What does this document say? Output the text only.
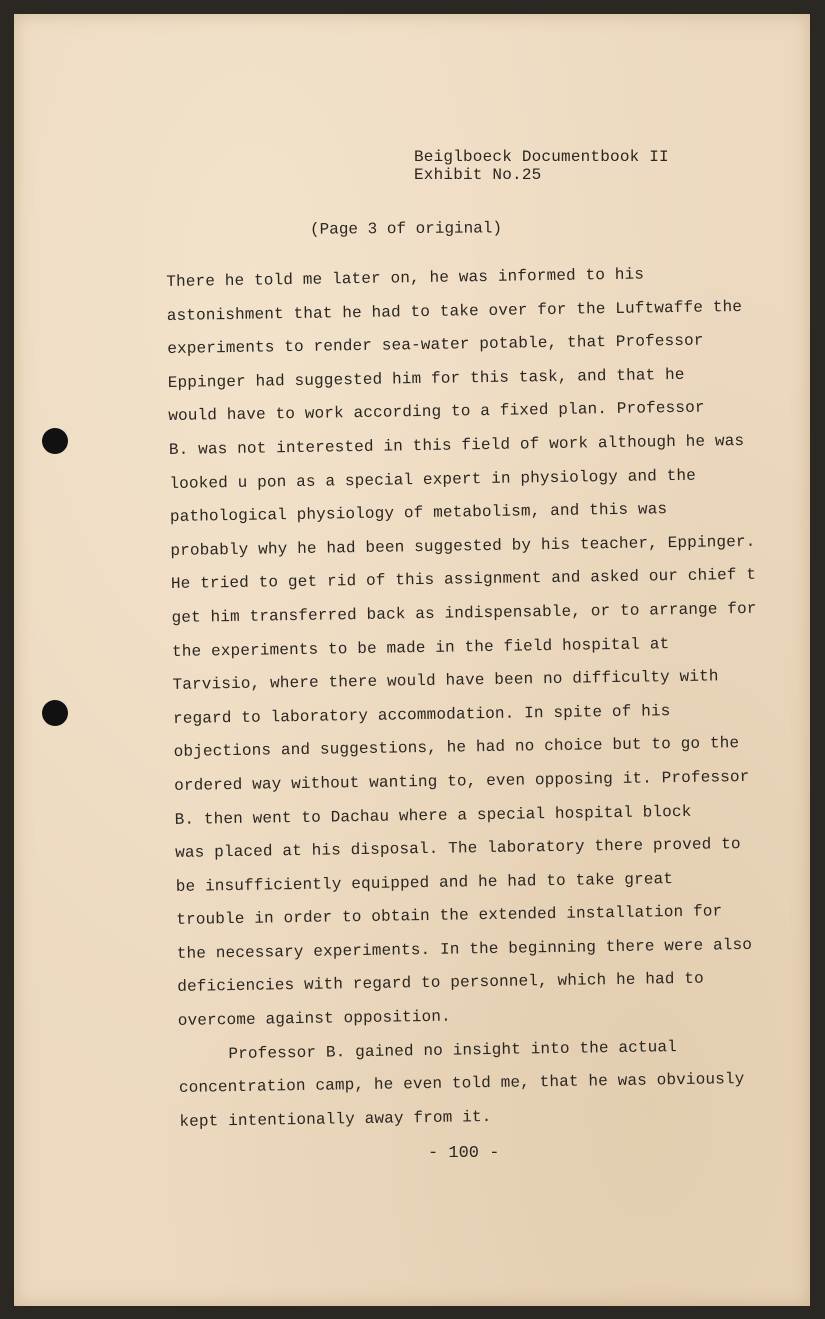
Beiglboeck Documentbook II
Exhibit No.25
(Page 3 of original)
There he told me later on, he was informed to his
astonishment that he had to take over for the Luftwaffe the
experiments to render sea-water potable, that Professor
Eppinger had suggested him for this task, and that he
would have to work according to a fixed plan. Professor
B. was not interested in this field of work although he was
looked u pon as a special expert in physiology and the
pathological physiology of metabolism, and this was
probably why he had been suggested by his teacher, Eppinger.
He tried to get rid of this assignment and asked our chief t
get him transferred back as indispensable, or to arrange for
the experiments to be made in the field hospital at
Tarvisio, where there would have been no difficulty with
regard to laboratory accommodation. In spite of his
objections and suggestions, he had no choice but to go the
ordered way without wanting to, even opposing it. Professor
B. then went to Dachau where a special hospital block
was placed at his disposal. The laboratory there proved to
be insufficiently equipped and he had to take great
trouble in order to obtain the extended installation for
the necessary experiments. In the beginning there were also
deficiencies with regard to personnel, which he had to
overcome against opposition.
Professor B. gained no insight into the actual
concentration camp, he even told me, that he was obviously
kept intentionally away from it.
- 100 -
